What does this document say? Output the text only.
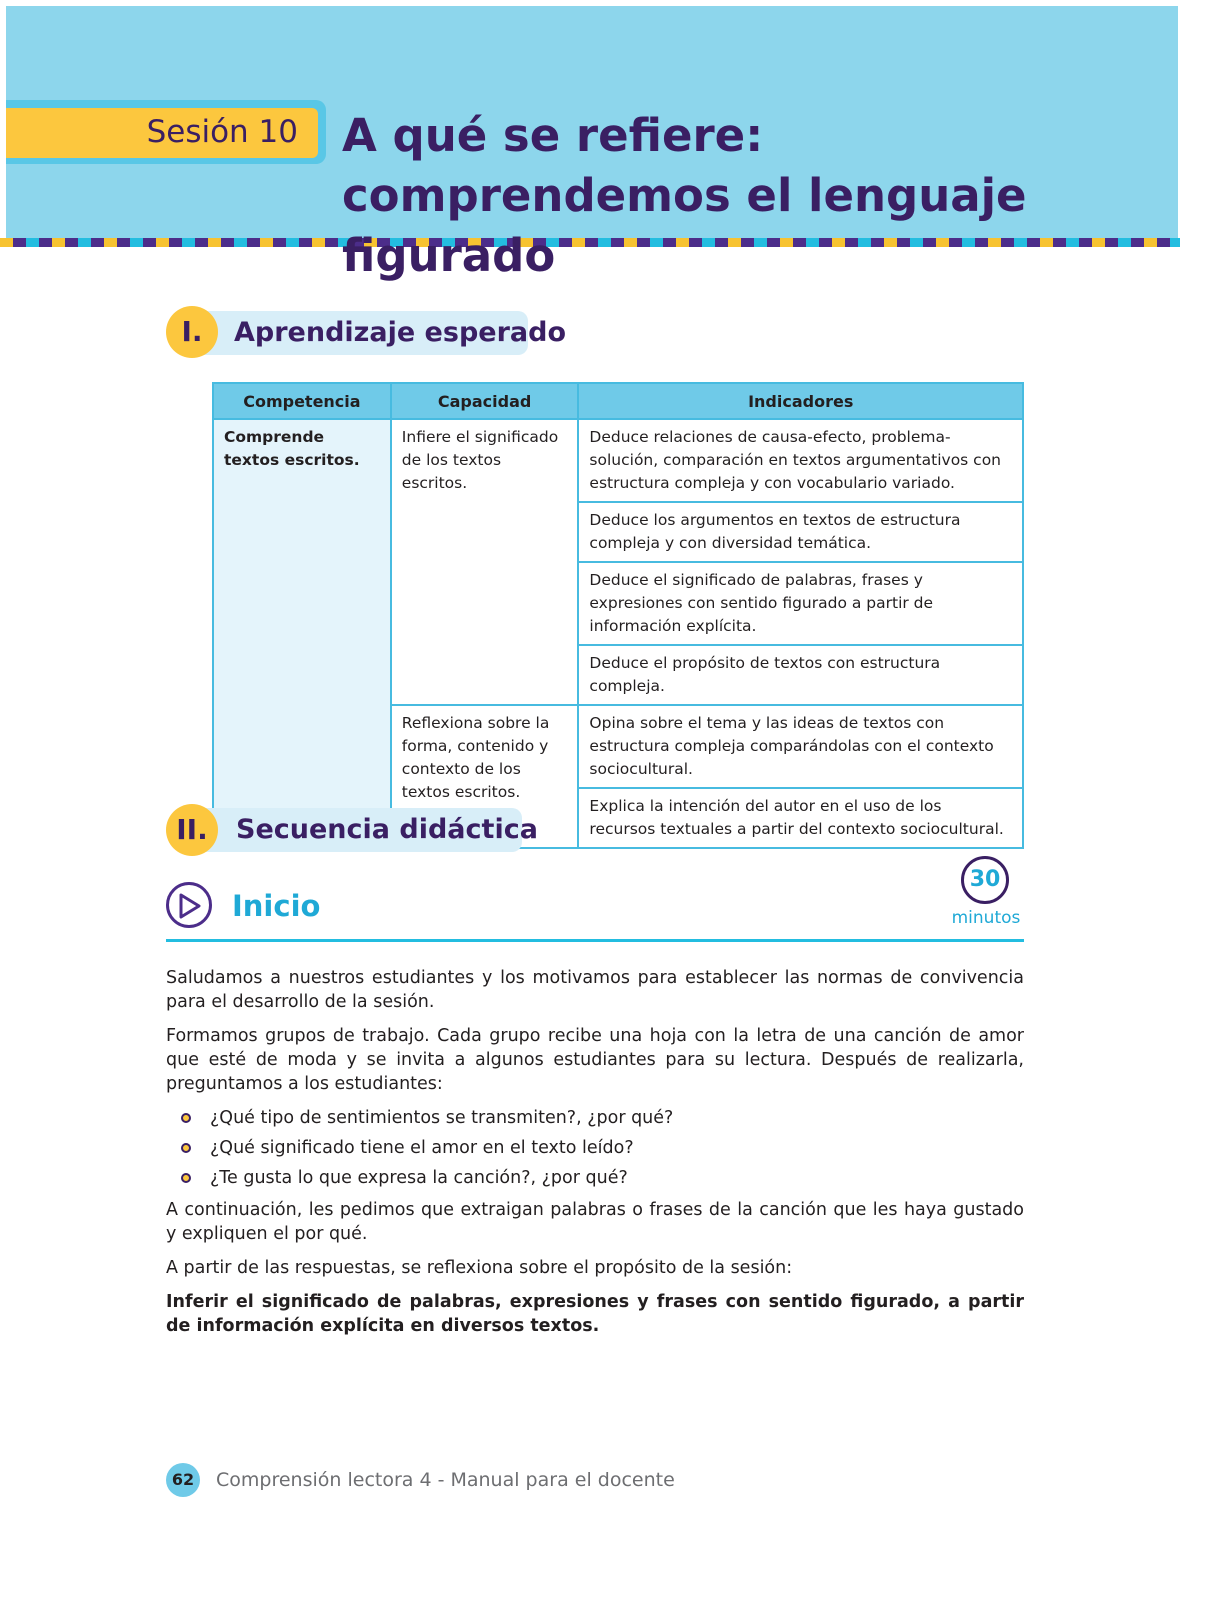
Sesión 10 A qué se refiere: comprendemos el lenguaje figurado
I.	Aprendizaje esperado
Competencia	Capacidad	Indicadores
Comprende textos escritos.	Infiere el significado de los textos escritos.	Deduce relaciones de causa-efecto, problema-solución, comparación en textos argumentativos con estructura compleja y con vocabulario variado.
		Deduce los argumentos en textos de estructura compleja y con diversidad temática.
		Deduce el significado de palabras, frases y expresiones con sentido figurado a partir de información explícita.
		Deduce el propósito de textos con estructura compleja.
	Reflexiona sobre la forma, contenido y contexto de los textos escritos.	Opina sobre el tema y las ideas de textos con estructura compleja comparándolas con el contexto sociocultural.
		Explica la intención del autor en el uso de los recursos textuales a partir del contexto sociocultural.
II.	Secuencia didáctica
Inicio
30
minutos

Saludamos a nuestros estudiantes y los motivamos para establecer las normas de convivencia para el desarrollo de la sesión.

Formamos grupos de trabajo. Cada grupo recibe una hoja con la letra de una canción de amor que esté de moda y se invita a algunos estudiantes para su lectura. Después de realizarla, preguntamos a los estudiantes:

¿Qué tipo de sentimientos se transmiten?, ¿por qué?
¿Qué significado tiene el amor en el texto leído?
¿Te gusta lo que expresa la canción?, ¿por qué?

A continuación, les pedimos que extraigan palabras o frases de la canción que les haya gustado y expliquen el por qué.

A partir de las respuestas, se reflexiona sobre el propósito de la sesión:

Inferir el significado de palabras, expresiones y frases con sentido figurado, a partir de información explícita en diversos textos.

62	Comprensión lectora 4 - Manual para el docente
